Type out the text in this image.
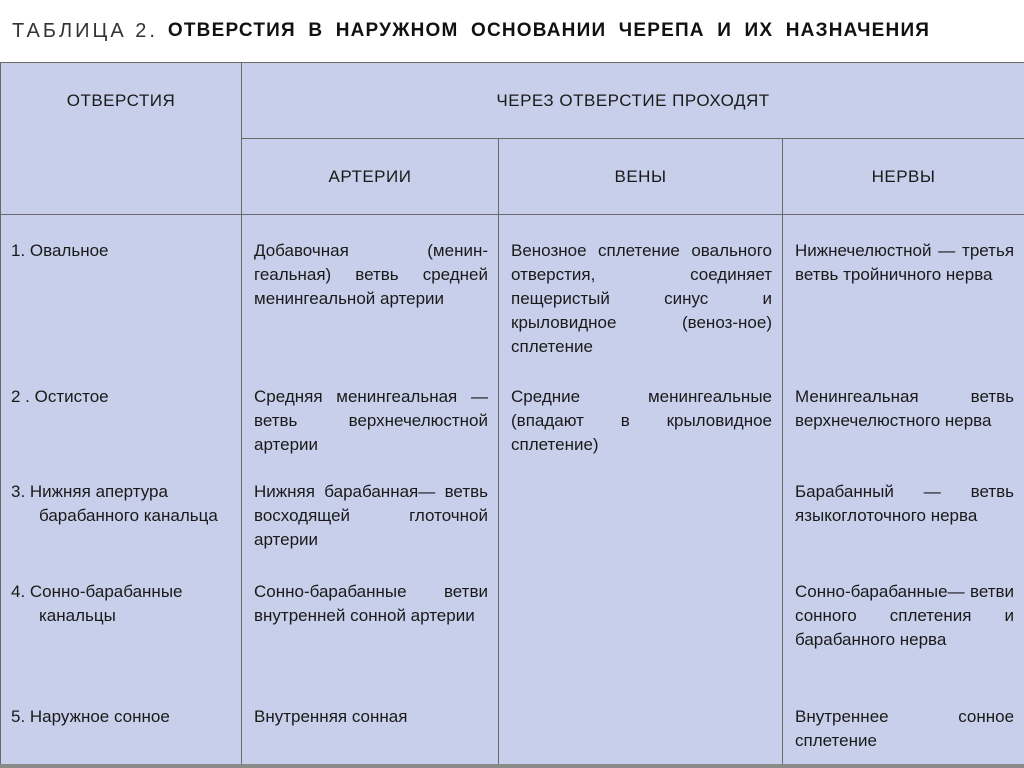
ТАБЛИЦА 2. ОТВЕРСТИЯ В НАРУЖНОМ ОСНОВАНИИ ЧЕРЕПА И ИХ НАЗНАЧЕНИЯ
ОТВЕРСТИЯ	ЧЕРЕЗ ОТВЕРСТИЕ ПРОХОДЯТ		
	АРТЕРИИ	ВЕНЫ	НЕРВЫ
1. Овальное	Добавочная (менин-геальная) ветвь средней менингеальной артерии	Венозное сплетение овального отверстия, соединяет пещеристый синус и крыловидное (веноз-ное) сплетение	Нижнечелюстной — третья ветвь тройничного нерва
2 . Остистое	Средняя менингеальная — ветвь верхнечелюстной артерии	Средние менингеальные (впадают в крыловидное сплетение)	Менингеальная ветвь верхнечелюстного нерва
3. Нижняя апертура
барабанного канальца	Нижняя барабанная— ветвь восходящей глоточной артерии		Барабанный — ветвь языкоглоточного нерва
4. Сонно-барабанные
канальцы	Сонно-барабанные ветви внутренней сонной артерии		Сонно-барабанные— ветви сонного сплетения и барабанного нерва
5. Наружное сонное	Внутренняя сонная		Внутреннее сонное сплетение
